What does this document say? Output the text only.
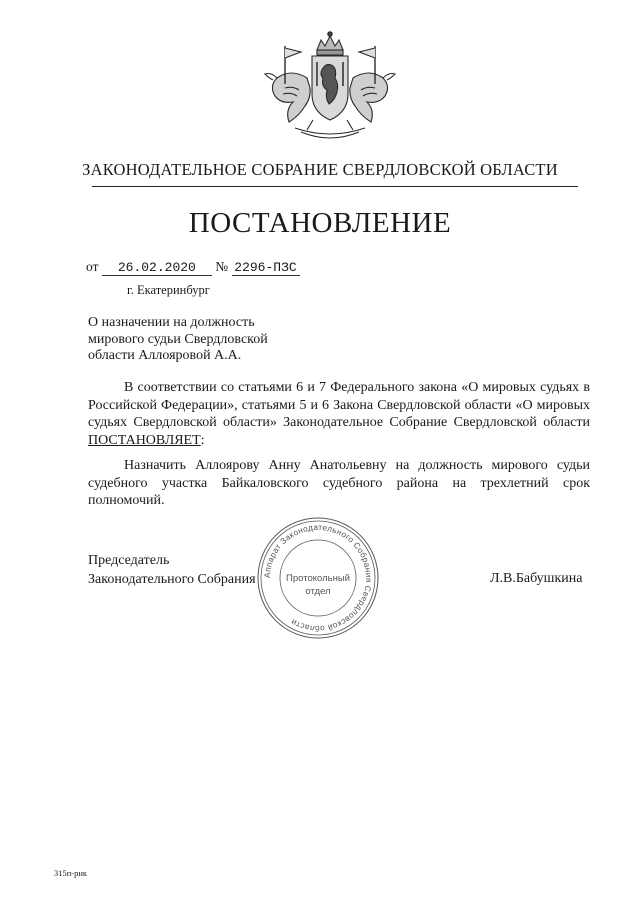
ЗАКОНОДАТЕЛЬНОЕ СОБРАНИЕ СВЕРДЛОВСКОЙ ОБЛАСТИ
ПОСТАНОВЛЕНИЕ
от 26.02.2020 № 2296-ПЗС
г. Екатеринбург
О назначении на должность
мирового судьи Свердловской
области Аллояровой А.А.
В соответствии со статьями 6 и 7 Федерального закона «О мировых судьях в Российской Федерации», статьями 5 и 6 Закона Свердловской области «О мировых судьях Свердловской области» Законодательное Собрание Свердловской области ПОСТАНОВЛЯЕТ:
Назначить Аллоярову Анну Анатольевну на должность мирового судьи судебного участка Байкаловского судебного района на трехлетний срок полномочий.
Аппарат Законодательного Собрания Свердловской области
Протокольный
отдел
Председатель
Законодательного Собрания	Л.В.Бабушкина
315п-рнк
